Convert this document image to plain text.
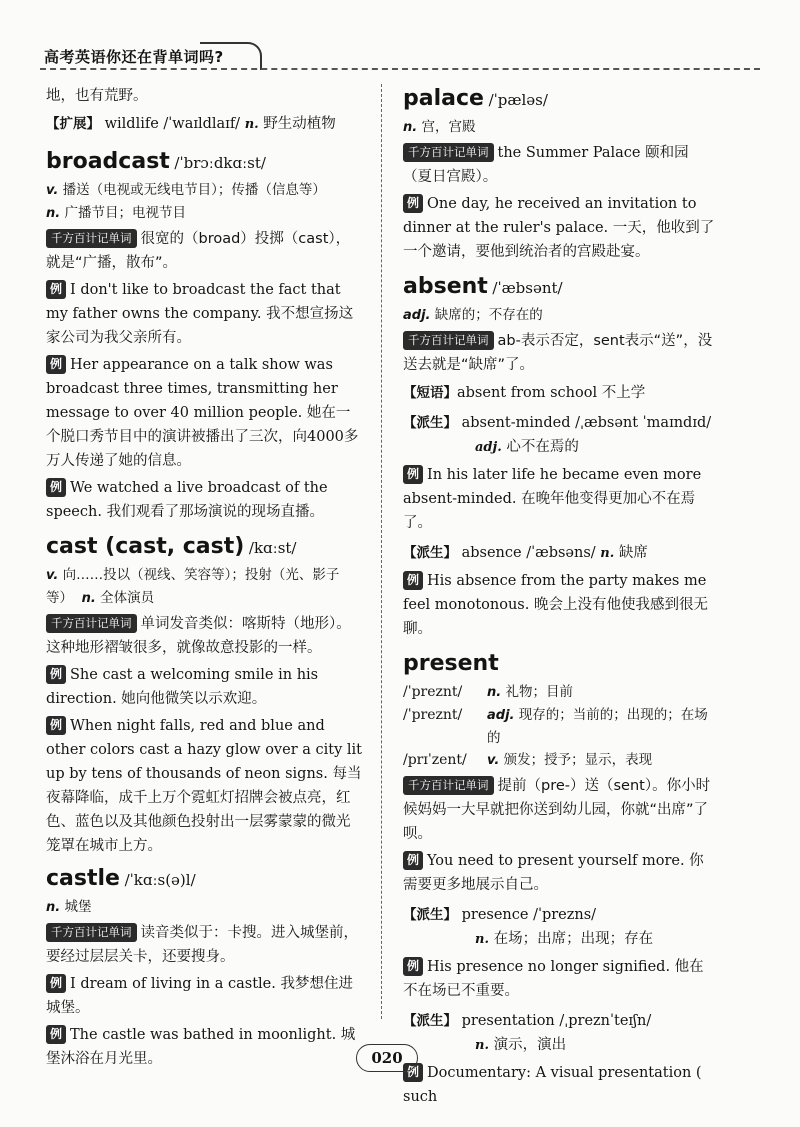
高考英语你还在背单词吗?

地，也有荒野。

【扩展】 wildlife /ˈwaɪldlaɪf/ n. 野生动植物

broadcast /ˈbrɔːdkɑːst/

v. 播送（电视或无线电节目）；传播（信息等）

n. 广播节目；电视节目

千方百计记单词 很宽的（broad）投掷（cast），就是“广播，散布”。

例 I don't like to broadcast the fact that my father owns the company. 我不想宣扬这家公司为我父亲所有。

例 Her appearance on a talk show was broadcast three times, transmitting her message to over 40 million people. 她在一个脱口秀节目中的演讲被播出了三次，向4000多万人传递了她的信息。

例 We watched a live broadcast of the speech. 我们观看了那场演说的现场直播。

cast (cast, cast) /kɑːst/

v. 向……投以（视线、笑容等）；投射（光、影子等） n. 全体演员

千方百计记单词 单词发音类似：喀斯特（地形）。这种地形褶皱很多，就像故意投影的一样。

例 She cast a welcoming smile in his direction. 她向他微笑以示欢迎。

例 When night falls, red and blue and other colors cast a hazy glow over a city lit up by tens of thousands of neon signs. 每当夜幕降临，成千上万个霓虹灯招牌会被点亮，红色、蓝色以及其他颜色投射出一层雾蒙蒙的微光笼罩在城市上方。

castle /ˈkɑːs(ə)l/

n. 城堡

千方百计记单词 读音类似于：卡搜。进入城堡前，要经过层层关卡，还要搜身。

例 I dream of living in a castle. 我梦想住进城堡。

例 The castle was bathed in moonlight. 城堡沐浴在月光里。

palace /ˈpæləs/

n. 宫，宫殿

千方百计记单词 the Summer Palace 颐和园（夏日宫殿）。

例 One day, he received an invitation to dinner at the ruler's palace. 一天，他收到了一个邀请，要他到统治者的宫殿赴宴。

absent /ˈæbsənt/

adj. 缺席的；不存在的

千方百计记单词 ab-表示否定，sent表示“送”，没送去就是“缺席”了。

【短语】absent from school 不上学

【派生】 absent-minded /ˌæbsənt ˈmaɪndɪd/

adj. 心不在焉的

例 In his later life he became even more absent-minded. 在晚年他变得更加心不在焉了。

【派生】 absence /ˈæbsəns/ n. 缺席

例 His absence from the party makes me feel monotonous. 晚会上没有他使我感到很无聊。

present

/ˈpreznt/	n. 礼物；目前
/ˈpreznt/	adj. 现存的；当前的；出现的；在场的
/prɪˈzent/	v. 颁发；授予；显示，表现

千方百计记单词 提前（pre-）送（sent）。你小时候妈妈一大早就把你送到幼儿园，你就“出席”了呗。

例 You need to present yourself more. 你需要更多地展示自己。

【派生】 presence /ˈprezns/

n. 在场；出席；出现；存在

例 His presence no longer signified. 他在不在场已不重要。

【派生】 presentation /ˌpreznˈteɪʃn/

n. 演示，演出

例 Documentary: A visual presentation ( such

020
